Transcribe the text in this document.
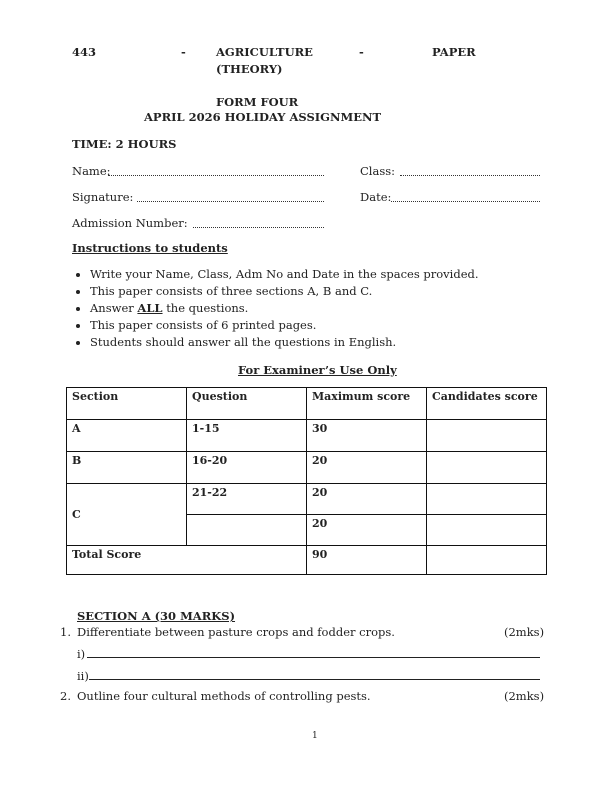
443	-	AGRICULTURE
(THEORY)
-	PAPER
FORM FOUR
APRIL 2026 HOLIDAY ASSIGNMENT
TIME: 2 HOURS
Name:	Class:
Signature:	Date:
Admission Number:
Instructions to students
• Write your Name, Class, Adm No and Date in the spaces provided.
• This paper consists of three sections A, B and C.
• Answer ALL the questions.
• This paper consists of 6 printed pages.
• Students should answer all the questions in English.
For Examiner’s Use Only
Section	Question	Maximum score	Candidates score
A	1-15	30	
B	16-20	20	
C	21-22	20	
		20	
Total Score		90	
SECTION A (30 MARKS)
1. Differentiate between pasture crops and fodder crops.	(2mks)
i)
ii)
2. Outline four cultural methods of controlling pests.	(2mks)
1
